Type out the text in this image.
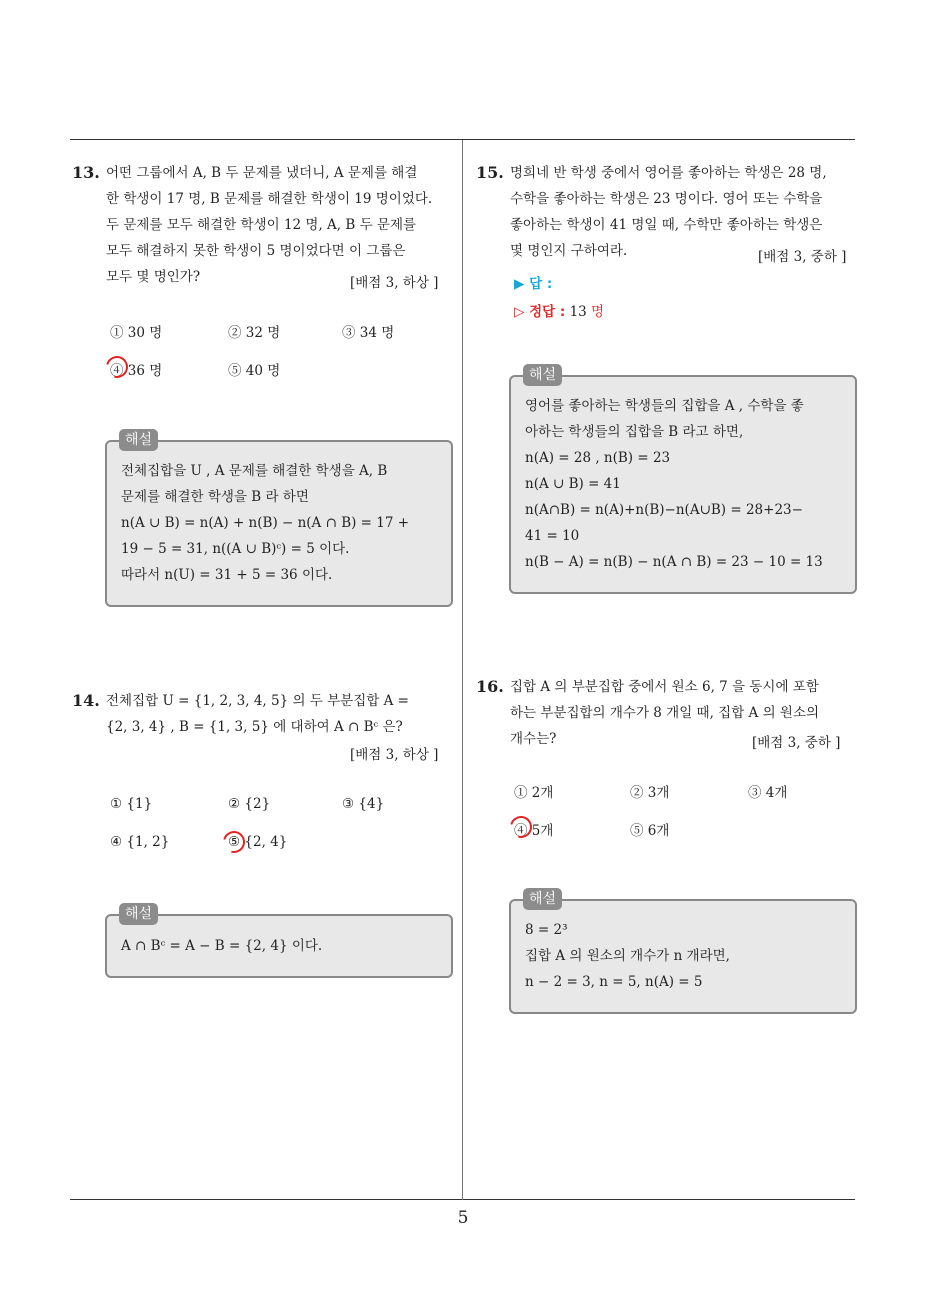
5
13. 어떤 그룹에서 A, B 두 문제를 냈더니, A 문제를 해결
한 학생이 17 명, B 문제를 해결한 학생이 19 명이었다.
두 문제를 모두 해결한 학생이 12 명, A, B 두 문제를
모두 해결하지 못한 학생이 5 명이었다면 이 그룹은
모두 몇 명인가?	[배점 3, 하상 ]
① 30 명	② 32 명	③ 34 명
④ 36 명	⑤ 40 명
해설
전체집합을 U , A 문제를 해결한 학생을 A, B
문제를 해결한 학생을 B 라 하면
n(A ∪ B) = n(A) + n(B) − n(A ∩ B) = 17 +
19 − 5 = 31, n((A ∪ B)ᶜ) = 5 이다.
따라서 n(U) = 31 + 5 = 36 이다.
14. 전체집합 U = {1, 2, 3, 4, 5} 의 두 부분집합 A =
{2, 3, 4} , B = {1, 3, 5} 에 대하여 A ∩ Bᶜ 은?
[배점 3, 하상 ]
① {1}	② {2}	③ {4}
④ {1, 2}	⑤ {2, 4}
해설
A ∩ Bᶜ = A − B = {2, 4} 이다.
15. 명희네 반 학생 중에서 영어를 좋아하는 학생은 28 명,
수학을 좋아하는 학생은 23 명이다. 영어 또는 수학을
좋아하는 학생이 41 명일 때, 수학만 좋아하는 학생은
몇 명인지 구하여라.	[배점 3, 중하 ]
▶ 답 :
▷ 정답 : 13 명
해설
영어를 좋아하는 학생들의 집합을 A , 수학을 좋
아하는 학생들의 집합을 B 라고 하면,
n(A) = 28 , n(B) = 23
n(A ∪ B) = 41
n(A∩B) = n(A)+n(B)−n(A∪B) = 28+23−
41 = 10
n(B − A) = n(B) − n(A ∩ B) = 23 − 10 = 13
16. 집합 A 의 부분집합 중에서 원소 6, 7 을 동시에 포함
하는 부분집합의 개수가 8 개일 때, 집합 A 의 원소의
개수는?	[배점 3, 중하 ]
① 2개	② 3개	③ 4개
④ 5개	⑤ 6개
해설
8 = 2³
집합 A 의 원소의 개수가 n 개라면,
n − 2 = 3, n = 5, n(A) = 5
